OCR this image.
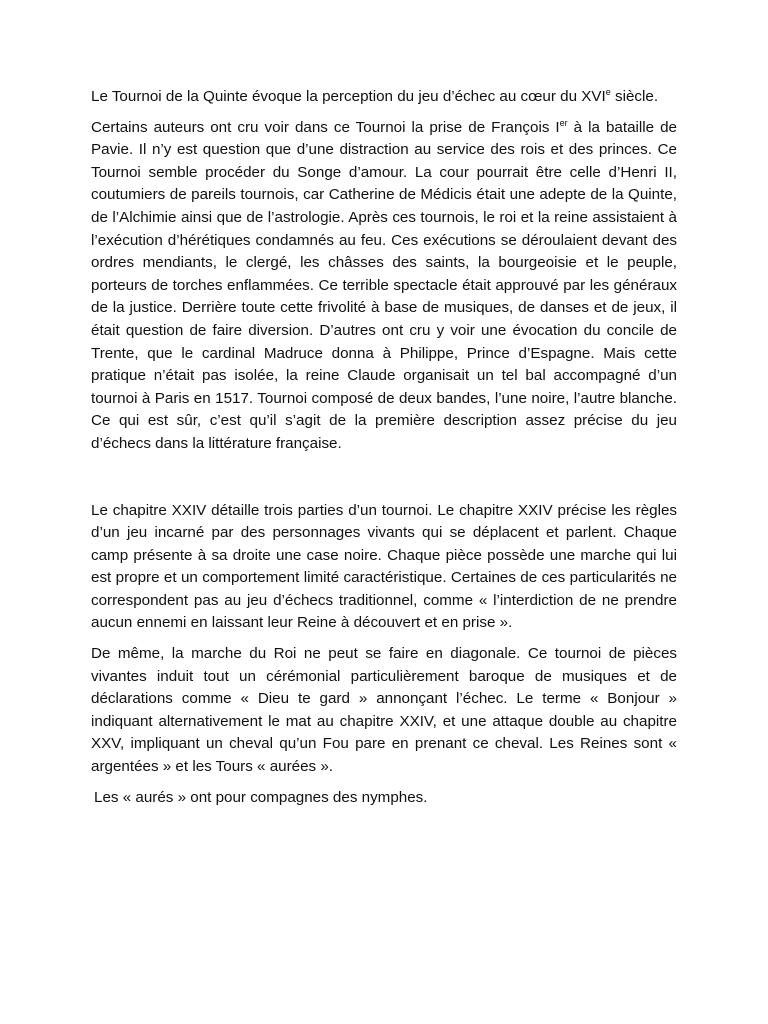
Le Tournoi de la Quinte évoque la perception du jeu d’échec au cœur du XVIe siècle.

Certains auteurs ont cru voir dans ce Tournoi la prise de François Ier à la bataille de Pavie. Il n’y est question que d’une distraction au service des rois et des princes. Ce Tournoi semble procéder du Songe d’amour. La cour pourrait être celle d’Henri II, coutumiers de pareils tournois, car Catherine de Médicis était une adepte de la Quinte, de l’Alchimie ainsi que de l’astrologie. Après ces tournois, le roi et la reine assistaient à l’exécution d’hérétiques condamnés au feu. Ces exécutions se déroulaient devant des ordres mendiants, le clergé, les châsses des saints, la bourgeoisie et le peuple, porteurs de torches enflammées. Ce terrible spectacle était approuvé par les généraux de la justice. Derrière toute cette frivolité à base de musiques, de danses et de jeux, il était question de faire diversion. D’autres ont cru y voir une évocation du concile de Trente, que le cardinal Madruce donna à Philippe, Prince d’Espagne. Mais cette pratique n’était pas isolée, la reine Claude organisait un tel bal accompagné d’un tournoi à Paris en 1517. Tournoi composé de deux bandes, l’une noire, l’autre blanche. Ce qui est sûr, c’est qu’il s’agit de la première description assez précise du jeu d’échecs dans la littérature française.

Le chapitre XXIV détaille trois parties d’un tournoi. Le chapitre XXIV précise les règles d’un jeu incarné par des personnages vivants qui se déplacent et parlent. Chaque camp présente à sa droite une case noire. Chaque pièce possède une marche qui lui est propre et un comportement limité caractéristique. Certaines de ces particularités ne correspondent pas au jeu d’échecs traditionnel, comme « l’interdiction de ne prendre aucun ennemi en laissant leur Reine à découvert et en prise ».

De même, la marche du Roi ne peut se faire en diagonale. Ce tournoi de pièces vivantes induit tout un cérémonial particulièrement baroque de musiques et de déclarations comme « Dieu te gard » annonçant l’échec. Le terme « Bonjour » indiquant alternativement le mat au chapitre XXIV, et une attaque double au chapitre XXV, impliquant un cheval qu’un Fou pare en prenant ce cheval. Les Reines sont « argentées » et les Tours « aurées ».

Les « aurés » ont pour compagnes des nymphes.
